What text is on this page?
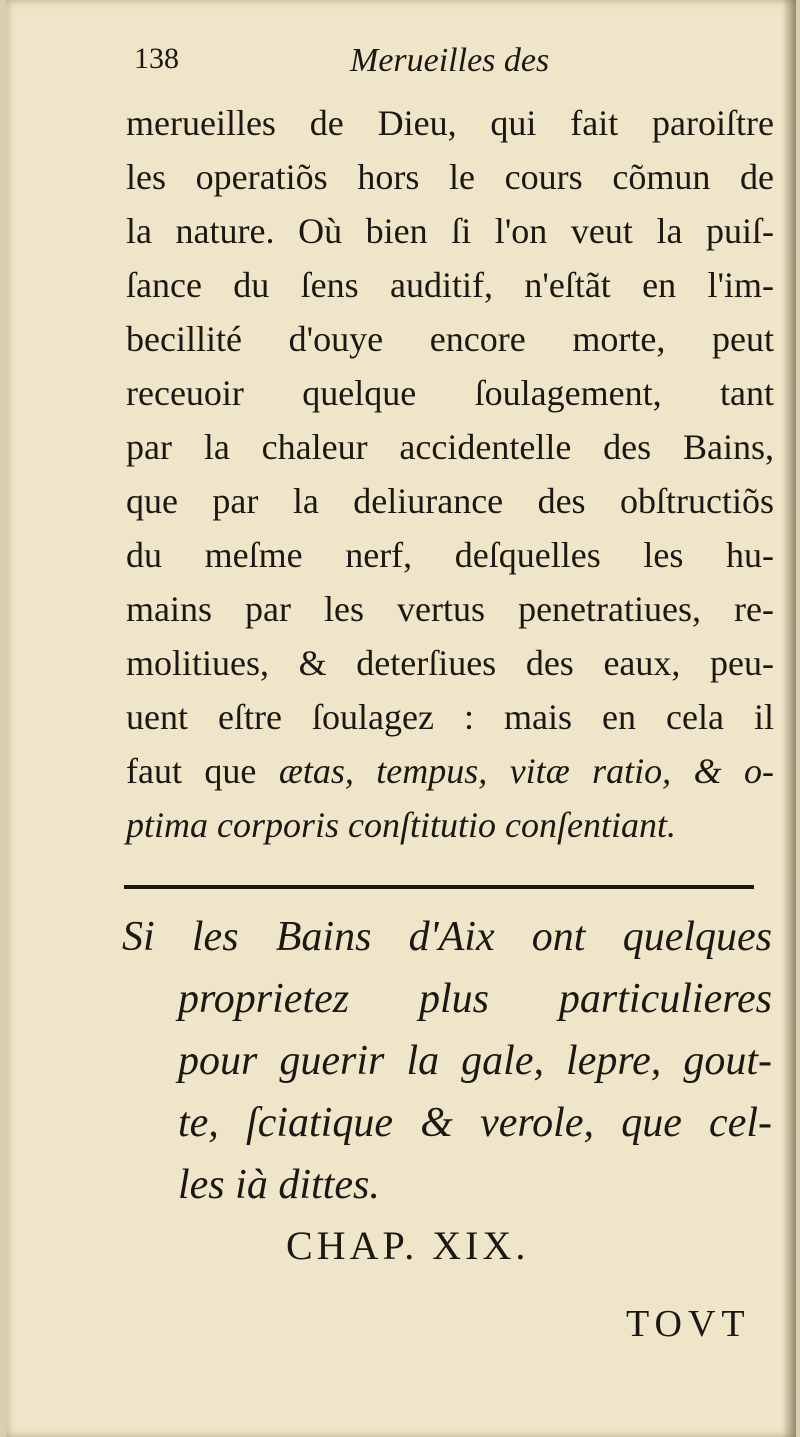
138	Merueilles des
merueilles de Dieu, qui fait paroiſtre
les operatiõs hors le cours cõmun de
la nature. Où bien ſi l'on veut la puiſ-
ſance du ſens auditif, n'eſtãt en l'im-
becillité d'ouye encore morte, peut
receuoir quelque ſoulagement, tant
par la chaleur accidentelle des Bains,
que par la deliurance des obſtructiõs
du meſme nerf, deſquelles les hu-
mains par les vertus penetratiues, re-
molitiues, & deterſiues des eaux, peu-
uent eſtre ſoulagez : mais en cela il
faut que ætas, tempus, vitæ ratio, & o-
ptima corporis conſtitutio conſentiant.
Si les Bains d'Aix ont quelques
proprietez plus particulieres
pour guerir la gale, lepre, gout-
te, ſciatique & verole, que cel-
les ià dittes.
CHAP. XIX.
TOVT
